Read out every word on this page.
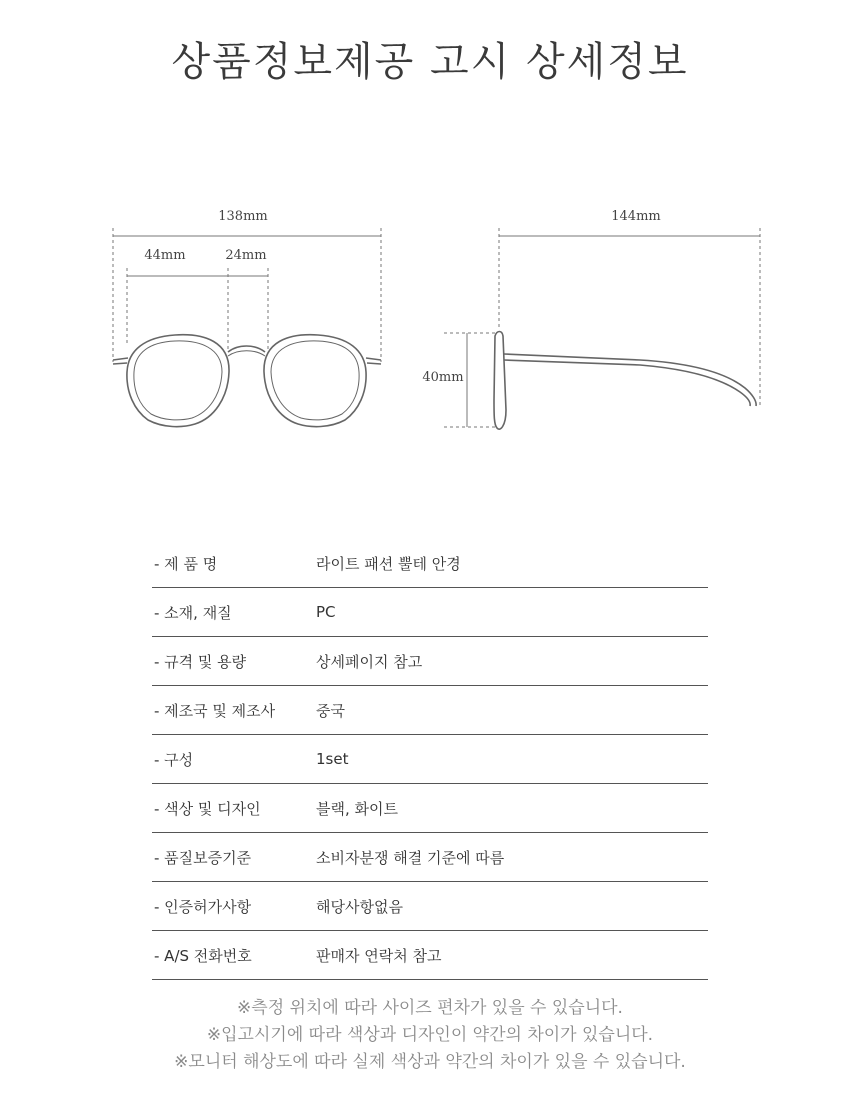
상품정보제공 고시 상세정보
138mm
44mm	24mm
144mm
40mm
- 제 품 명	라이트 패션 뿔테 안경
- 소재, 재질	PC
- 규격 및 용량	상세페이지 참고
- 제조국 및 제조사	중국
- 구성	1set
- 색상 및 디자인	블랙, 화이트
- 품질보증기준	소비자분쟁 해결 기준에 따름
- 인증허가사항	해당사항없음
- A/S 전화번호	판매자 연락처 참고

※측정 위치에 따라 사이즈 편차가 있을 수 있습니다.

※입고시기에 따라 색상과 디자인이 약간의 차이가 있습니다.

※모니터 해상도에 따라 실제 색상과 약간의 차이가 있을 수 있습니다.
